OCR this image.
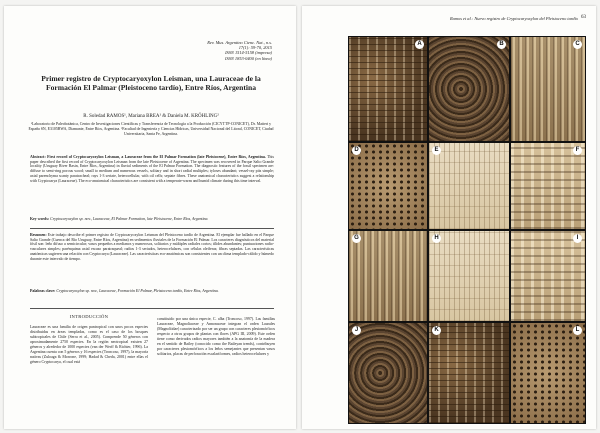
Rev. Mus. Argentino Cienc. Nat., n.s.
17(1): 59-70, 2015
ISSN 1514-5158 (impresa)
ISSN 1853-0400 (en línea)
Primer registro de Cryptocaryoxylon Leisman, una Lauraceae de la Formación El Palmar (Pleistoceno tardío), Entre Ríos, Argentina
R. Soledad RAMOS¹, Mariana BREA¹ & Daniela M. KRÖHLING²
¹Laboratorio de Paleobotánica, Centro de Investigaciones Científicas y Transferencia de Tecnología a la Producción (CICYTTP-CONICET), Dr. Matteri y España SN, E3105BWA, Diamante, Entre Ríos, Argentina. ²Facultad de Ingeniería y Ciencias Hídricas, Universidad Nacional del Litoral, CONICET, Ciudad Universitaria, Santa Fe, Argentina.
Abstract: First record of Cryptocaryoxylon Leisman, a Lauraceae from the El Palmar Formation (late Pleistocene), Entre Ríos, Argentina. This paper described the first record of Cryptocaryoxylon Leisman from the late Pleistocene of Argentina. The specimen was recovered in Parque Salto Grande locality (Uruguay River Basin, Entre Ríos, Argentina) in fluvial sediments of the El Palmar Formation. The diagnostic features of the fossil specimen are: diffuse to semi-ring porous wood; small to medium and numerous vessels, solitary and in short radial multiples; tyloses abundant; vessel-ray pits simple; axial parenchyma scanty paratracheal; rays 1-3 seriate, heterocellular, with oil cells; septate fibres. These anatomical characteristics suggest a relationship with Cryptocarya (Lauraceae). The eco-anatomical characteristics are consistent with a temperate-warm and humid climate during this time interval.
Key words: Cryptocaryoxylon sp. nov., Lauraceae, El Palmar Formation, late Pleistocene, Entre Ríos, Argentina.
Resumen: Este trabajo describe el primer registro de Cryptocaryoxylon Leisman del Pleistoceno tardío de Argentina. El ejemplar fue hallado en el Parque Salto Grande (Cuenca del Río Uruguay, Entre Ríos, Argentina) en sedimentos fluviales de la Formación El Palmar. Los caracteres diagnósticos del material fósil son: leño difuso a semicircular; vasos pequeños a medianos y numerosos, solitarios y múltiples radiales cortos; tílides abundantes; puntuaciones radio-vasculares simples; parénquima axial escaso paratraqueal; radios 1-3 seriados, heterocelulares, con células oleíferas; fibras septadas. Las características anatómicas sugieren una relación con Cryptocarya (Lauraceae). Las características eco-anatómicas son consistentes con un clima templado-cálido y húmedo durante este intervalo de tiempo.
Palabras clave: Cryptocaryoxylon sp. nov., Lauraceae, Formación El Palmar, Pleistoceno tardío, Entre Ríos, Argentina.
INTRODUCCIÓN
Lauraceae es una familia de origen pantropical con unos pocos especies distribuidas en áreas templadas, como es el caso de los bosques subtropicales de Chile (Serra et al., 2005). Comprende 50 géneros con aproximadamente 2750 especies. En la región neotropical existen 27 géneros y alrededor de 1000 especies (van der Werff & Richter, 1996). La Argentina cuenta con 5 géneros y 16 especies (Troncoso, 1997), la mayoría nativas (Zuloaga & Morrone, 1999; Hadad & Cheda, 2001) entre ellas el género Cryptocarya, el cual está
constituido por una única especie, C. alba (Troncoso, 1997). Las familias Lauraceae, Magnoliaceae y Annonaceae integran el orden Laurales (Magnoliidae) caracterizado por ser un grupo con caracteres plesiomórficos respecto a otros grupos de plantas con flores (APG III, 2009). Este orden tiene como derivados radios mayores también a la anatomía de la madera en el sentido de Bailey (conocido como the Baileyan trends), contribuyen por caracteres plesiomórficos a los leños semejantes que presentan vasos solitarios, placas de perforación escalariformes, radios heterocelulares y
Ramos et al.: Nuevo registro de Cryptocaryoxylon del Pleistoceno tardío 63
A	B	C
D	E	F
G	H	I
J	K	L
